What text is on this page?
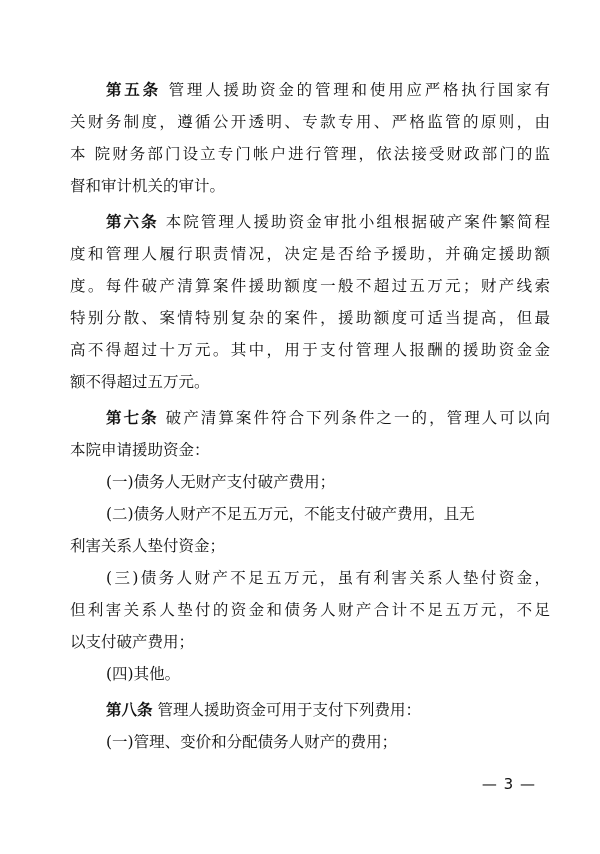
第五条 管理人援助资金的管理和使用应严格执行国家有
关财务制度，遵循公开透明、专款专用、严格监管的原则，由
本 院财务部门设立专门帐户进行管理，依法接受财政部门的监
督和审计机关的审计。
第六条 本院管理人援助资金审批小组根据破产案件繁简程
度和管理人履行职责情况，决定是否给予援助，并确定援助额
度。每件破产清算案件援助额度一般不超过五万元；财产线索
特别分散、案情特别复杂的案件，援助额度可适当提高，但最
高不得超过十万元。其中，用于支付管理人报酬的援助资金金
额不得超过五万元。
第七条 破产清算案件符合下列条件之一的，管理人可以向
本院申请援助资金：
(一)债务人无财产支付破产费用；
(二)债务人财产不足五万元，不能支付破产费用，且无
利害关系人垫付资金；
(三)债务人财产不足五万元，虽有利害关系人垫付资金，
但利害关系人垫付的资金和债务人财产合计不足五万元，不足
以支付破产费用；
(四)其他。
第八条 管理人援助资金可用于支付下列费用：
(一)管理、变价和分配债务人财产的费用；
— 3 —
